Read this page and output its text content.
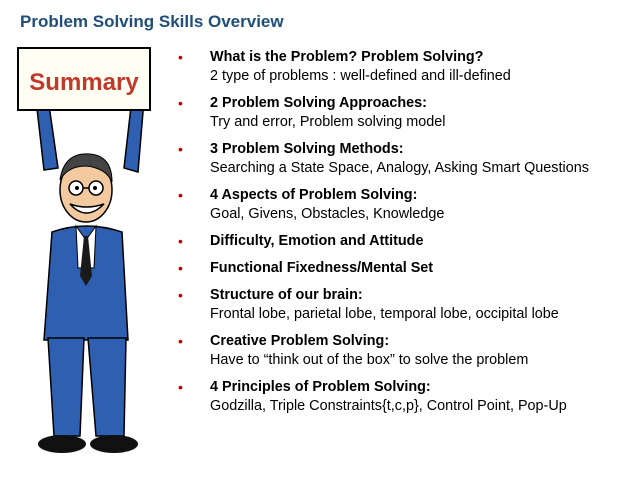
Problem Solving Skills Overview
Summary
• What is the Problem? Problem Solving?
2 type of problems : well-defined and ill-defined
• 2 Problem Solving Approaches:
Try and error, Problem solving model
• 3 Problem Solving Methods:
Searching a State Space, Analogy, Asking Smart Questions
• 4 Aspects of Problem Solving:
Goal, Givens, Obstacles, Knowledge
• Difficulty, Emotion and Attitude
• Functional Fixedness/Mental Set
• Structure of our brain:
Frontal lobe, parietal lobe, temporal lobe, occipital lobe
• Creative Problem Solving:
Have to “think out of the box” to solve the problem
• 4 Principles of Problem Solving:
Godzilla, Triple Constraints{t,c,p}, Control Point, Pop-Up
